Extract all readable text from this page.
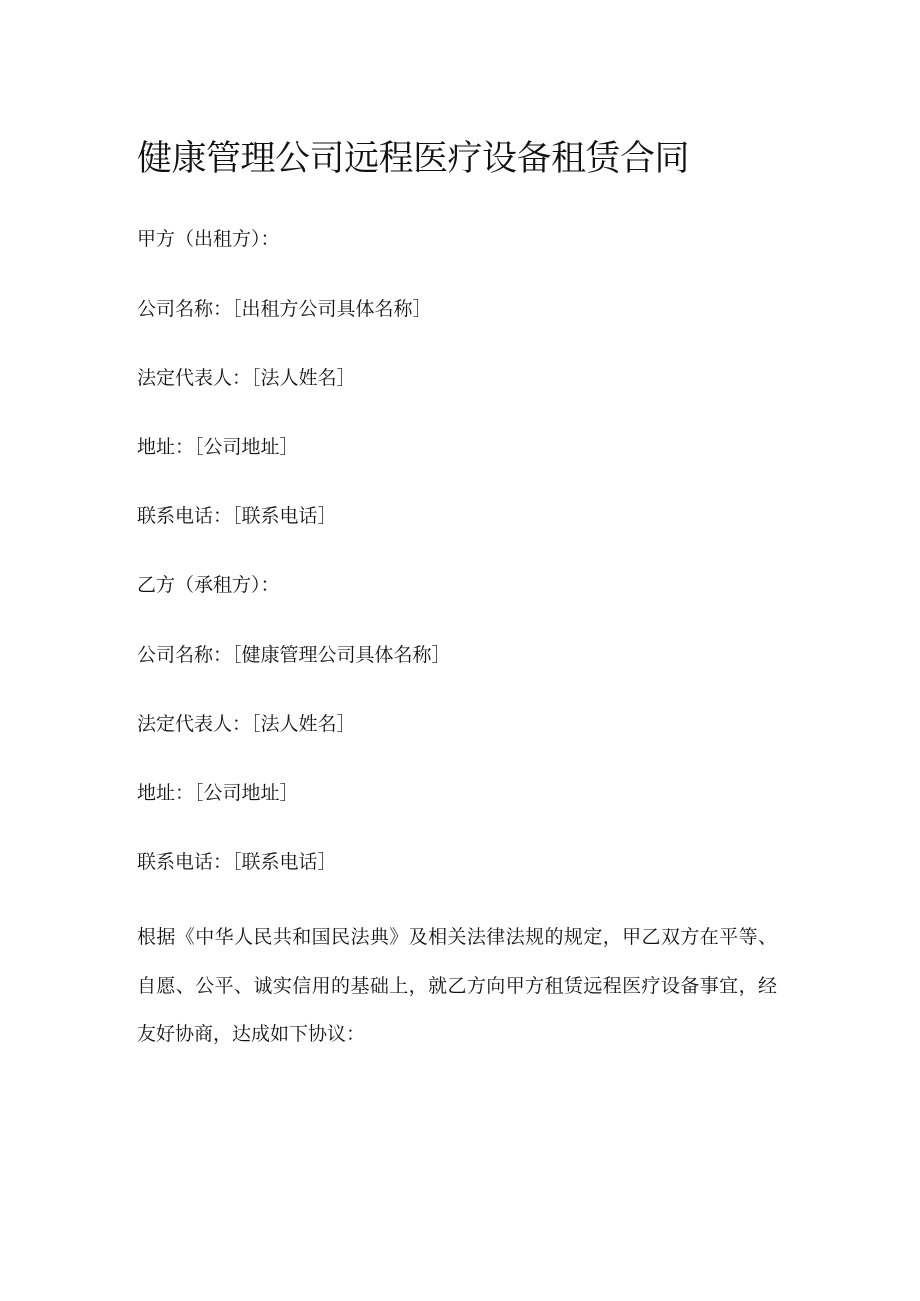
健康管理公司远程医疗设备租赁合同

甲方（出租方）：

公司名称：［出租方公司具体名称］

法定代表人：［法人姓名］

地址：［公司地址］

联系电话：［联系电话］

乙方（承租方）：

公司名称：［健康管理公司具体名称］

法定代表人：［法人姓名］

地址：［公司地址］

联系电话：［联系电话］

根据《中华人民共和国民法典》及相关法律法规的规定，甲乙双方在平等、自愿、公平、诚实信用的基础上，就乙方向甲方租赁远程医疗设备事宜，经友好协商，达成如下协议：
